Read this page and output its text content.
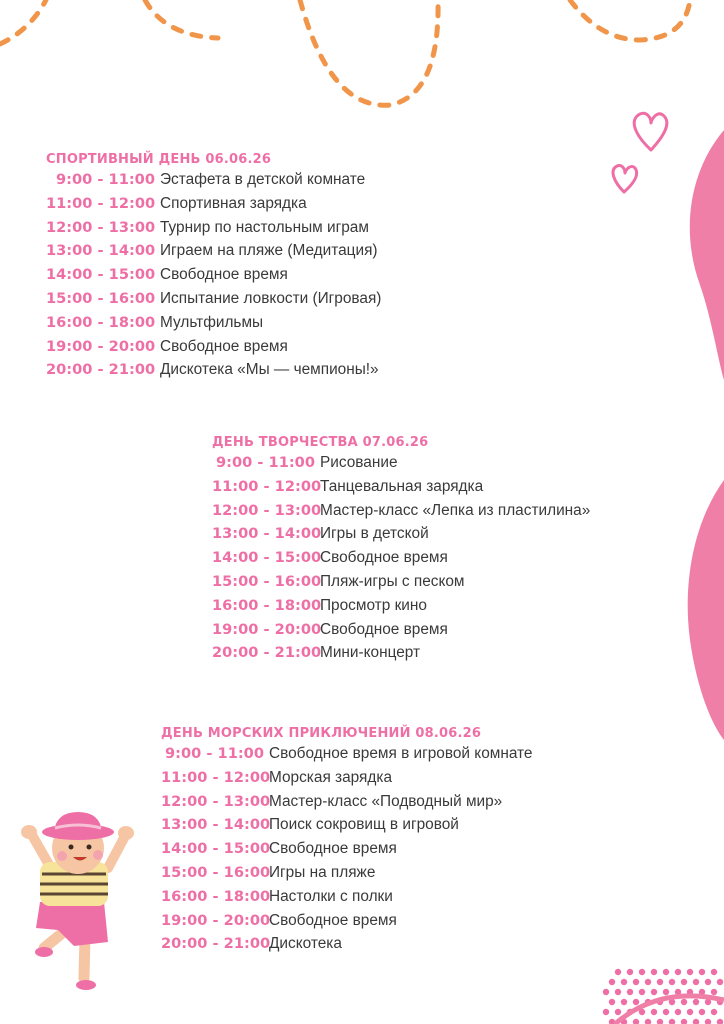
СПОРТИВНЫЙ ДЕНЬ 06.06.26
9:00 - 11:00 Эстафета в детской комнате
11:00 - 12:00 Спортивная зарядка
12:00 - 13:00 Турнир по настольным играм
13:00 - 14:00 Играем на пляже (Медитация)
14:00 - 15:00 Свободное время
15:00 - 16:00 Испытание ловкости (Игровая)
16:00 - 18:00 Мультфильмы
19:00 - 20:00 Свободное время
20:00 - 21:00 Дискотека «Мы — чемпионы!»
ДЕНЬ ТВОРЧЕСТВА 07.06.26
9:00 - 11:00 Рисование
11:00 - 12:00
Танцевальная зарядка
12:00 - 13:00
Мастер-класс «Лепка из пластилина»
13:00 - 14:00
Игры в детской
14:00 - 15:00
Свободное время
15:00 - 16:00
Пляж-игры с песком
16:00 - 18:00
Просмотр кино
19:00 - 20:00
Свободное время
20:00 - 21:00
Мини-концерт
ДЕНЬ МОРСКИХ ПРИКЛЮЧЕНИЙ 08.06.26
9:00 - 11:00 Свободное время в игровой комнате
11:00 - 12:00
Морская зарядка
12:00 - 13:00
Мастер-класс «Подводный мир»
13:00 - 14:00
Поиск сокровищ в игровой
14:00 - 15:00
Свободное время
15:00 - 16:00
Игры на пляже
16:00 - 18:00
Настолки с полки
19:00 - 20:00
Свободное время
20:00 - 21:00
Дискотека
